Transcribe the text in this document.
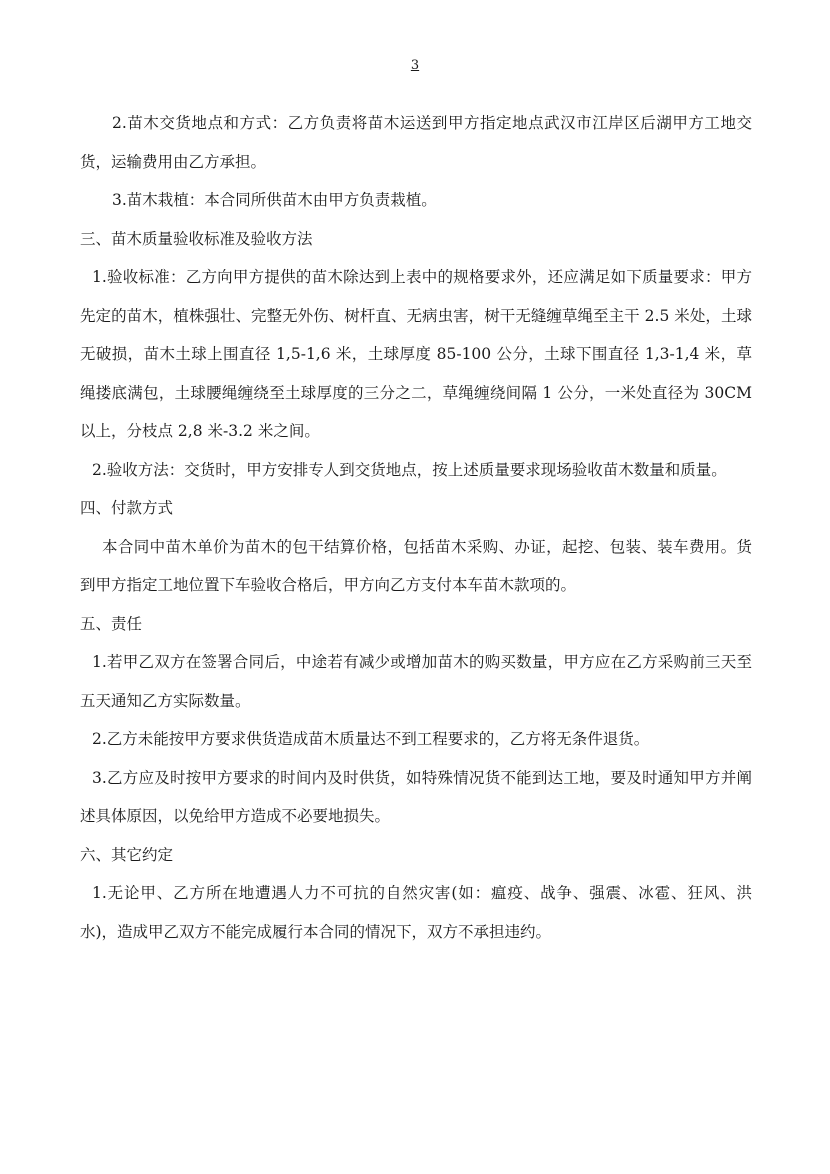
3

2.苗木交货地点和方式：乙方负责将苗木运送到甲方指定地点武汉市江岸区后湖甲方工地交货，运输费用由乙方承担。

3.苗木栽植：本合同所供苗木由甲方负责栽植。

三、苗木质量验收标准及验收方法

1.验收标准：乙方向甲方提供的苗木除达到上表中的规格要求外，还应满足如下质量要求：甲方先定的苗木，植株强壮、完整无外伤、树杆直、无病虫害，树干无缝缠草绳至主干 2.5 米处，土球无破损，苗木土球上围直径 1,5-1,6 米，土球厚度 85-100 公分，土球下围直径 1,3-1,4 米，草绳搂底满包，土球腰绳缠绕至土球厚度的三分之二，草绳缠绕间隔 1 公分，一米处直径为 30CM 以上，分枝点 2,8 米-3.2 米之间。

2.验收方法：交货时，甲方安排专人到交货地点，按上述质量要求现场验收苗木数量和质量。

四、付款方式

本合同中苗木单价为苗木的包干结算价格，包括苗木采购、办证，起挖、包装、装车费用。货到甲方指定工地位置下车验收合格后，甲方向乙方支付本车苗木款项的。

五、责任

1.若甲乙双方在签署合同后，中途若有减少或增加苗木的购买数量，甲方应在乙方采购前三天至五天通知乙方实际数量。

2.乙方未能按甲方要求供货造成苗木质量达不到工程要求的，乙方将无条件退货。

3.乙方应及时按甲方要求的时间内及时供货，如特殊情况货不能到达工地，要及时通知甲方并阐述具体原因，以免给甲方造成不必要地损失。

六、其它约定

1.无论甲、乙方所在地遭遇人力不可抗的自然灾害(如：瘟疫、战争、强震、冰雹、狂风、洪水)，造成甲乙双方不能完成履行本合同的情况下，双方不承担违约。
